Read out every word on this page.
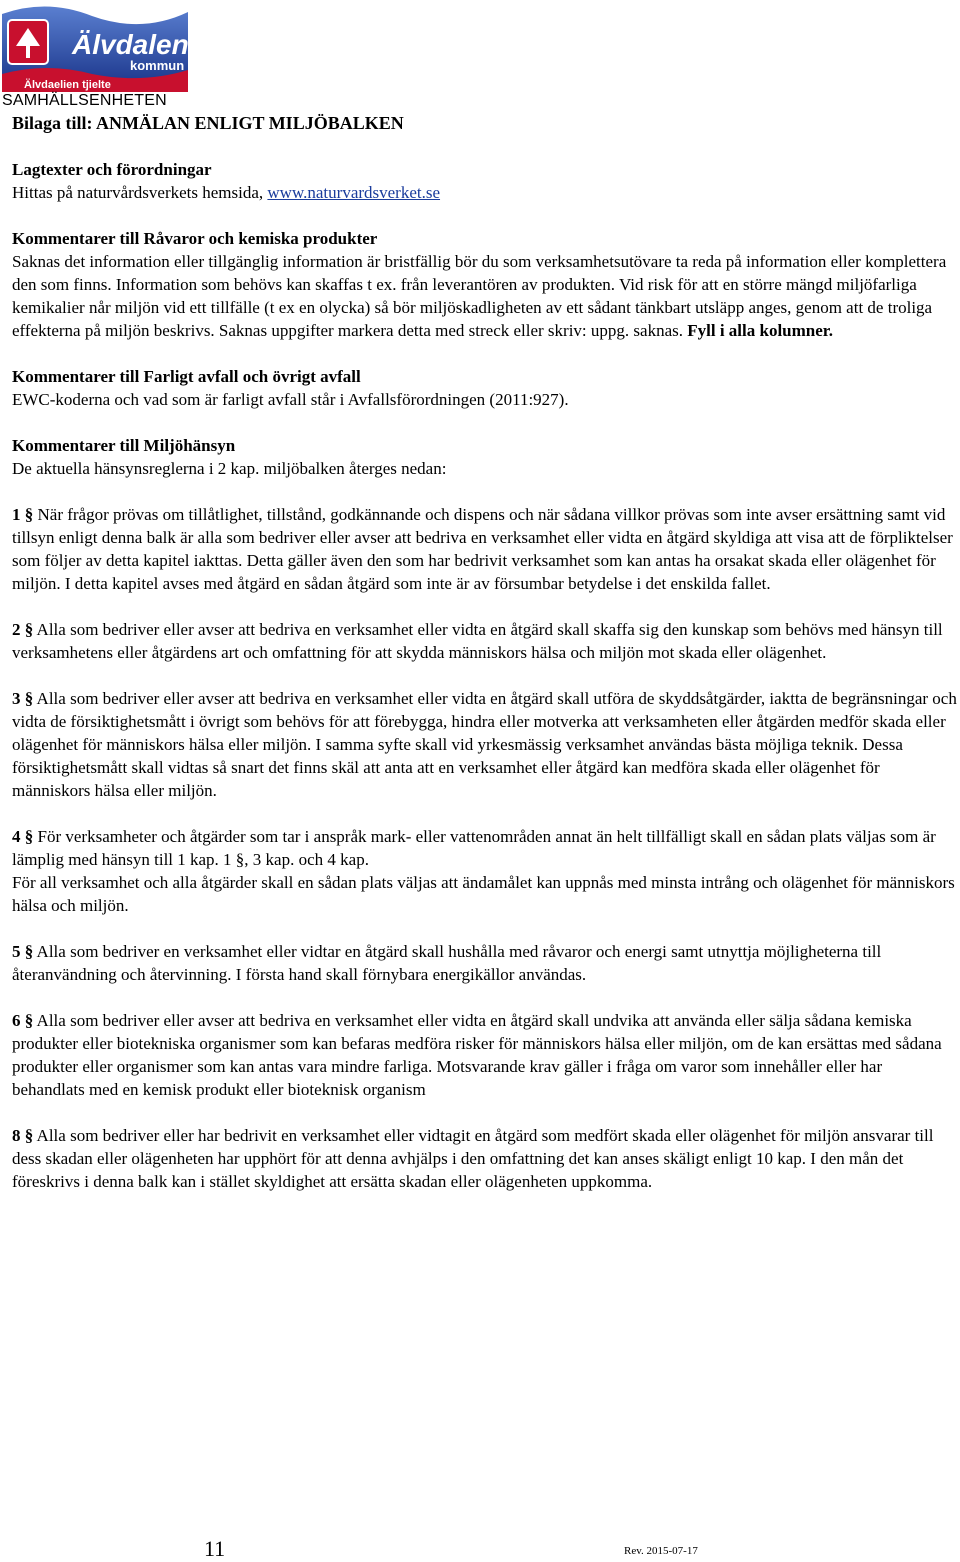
Älvdalens
kommun
Älvdaelien tjielte
SAMHÄLLSENHETEN
Bilaga till: ANMÄLAN ENLIGT MILJÖBALKEN

Lagtexter och förordningar
Hittas på naturvårdsverkets hemsida, www.naturvardsverket.se

Kommentarer till Råvaror och kemiska produkter
Saknas det information eller tillgänglig information är bristfällig bör du som verksamhetsutövare ta reda på information eller komplettera den som finns. Information som behövs kan skaffas t ex. från leverantören av produkten. Vid risk för att en större mängd miljöfarliga kemikalier når miljön vid ett tillfälle (t ex en olycka) så bör miljöskadligheten av ett sådant tänkbart utsläpp anges, genom att de troliga effekterna på miljön beskrivs. Saknas uppgifter markera detta med streck eller skriv: uppg. saknas. Fyll i alla kolumner.

Kommentarer till Farligt avfall och övrigt avfall
EWC-koderna och vad som är farligt avfall står i Avfallsförordningen (2011:927).

Kommentarer till Miljöhänsyn
De aktuella hänsynsreglerna i 2 kap. miljöbalken återges nedan:

1 § När frågor prövas om tillåtlighet, tillstånd, godkännande och dispens och när sådana villkor prövas som inte avser ersättning samt vid tillsyn enligt denna balk är alla som bedriver eller avser att bedriva en verksamhet eller vidta en åtgärd skyldiga att visa att de förpliktelser som följer av detta kapitel iakttas. Detta gäller även den som har bedrivit verksamhet som kan antas ha orsakat skada eller olägenhet för miljön. I detta kapitel avses med åtgärd en sådan åtgärd som inte är av försumbar betydelse i det enskilda fallet.

2 § Alla som bedriver eller avser att bedriva en verksamhet eller vidta en åtgärd skall skaffa sig den kunskap som behövs med hänsyn till verksamhetens eller åtgärdens art och omfattning för att skydda människors hälsa och miljön mot skada eller olägenhet.

3 § Alla som bedriver eller avser att bedriva en verksamhet eller vidta en åtgärd skall utföra de skyddsåtgärder, iaktta de begränsningar och vidta de försiktighetsmått i övrigt som behövs för att förebygga, hindra eller motverka att verksamheten eller åtgärden medför skada eller olägenhet för människors hälsa eller miljön. I samma syfte skall vid yrkesmässig verksamhet användas bästa möjliga teknik. Dessa försiktighetsmått skall vidtas så snart det finns skäl att anta att en verksamhet eller åtgärd kan medföra skada eller olägenhet för människors hälsa eller miljön.

4 § För verksamheter och åtgärder som tar i anspråk mark- eller vattenområden annat än helt tillfälligt skall en sådan plats väljas som är lämplig med hänsyn till 1 kap. 1 §, 3 kap. och 4 kap.
För all verksamhet och alla åtgärder skall en sådan plats väljas att ändamålet kan uppnås med minsta intrång och olägenhet för människors hälsa och miljön.

5 § Alla som bedriver en verksamhet eller vidtar en åtgärd skall hushålla med råvaror och energi samt utnyttja möjligheterna till återanvändning och återvinning. I första hand skall förnybara energikällor användas.

6 § Alla som bedriver eller avser att bedriva en verksamhet eller vidta en åtgärd skall undvika att använda eller sälja sådana kemiska produkter eller biotekniska organismer som kan befaras medföra risker för människors hälsa eller miljön, om de kan ersättas med sådana produkter eller organismer som kan antas vara mindre farliga. Motsvarande krav gäller i fråga om varor som innehåller eller har behandlats med en kemisk produkt eller bioteknisk organism

8 § Alla som bedriver eller har bedrivit en verksamhet eller vidtagit en åtgärd som medfört skada eller olägenhet för miljön ansvarar till dess skadan eller olägenheten har upphört för att denna avhjälps i den omfattning det kan anses skäligt enligt 10 kap. I den mån det föreskrivs i denna balk kan i stället skyldighet att ersätta skadan eller olägenheten uppkomma.

11	Rev. 2015-07-17
